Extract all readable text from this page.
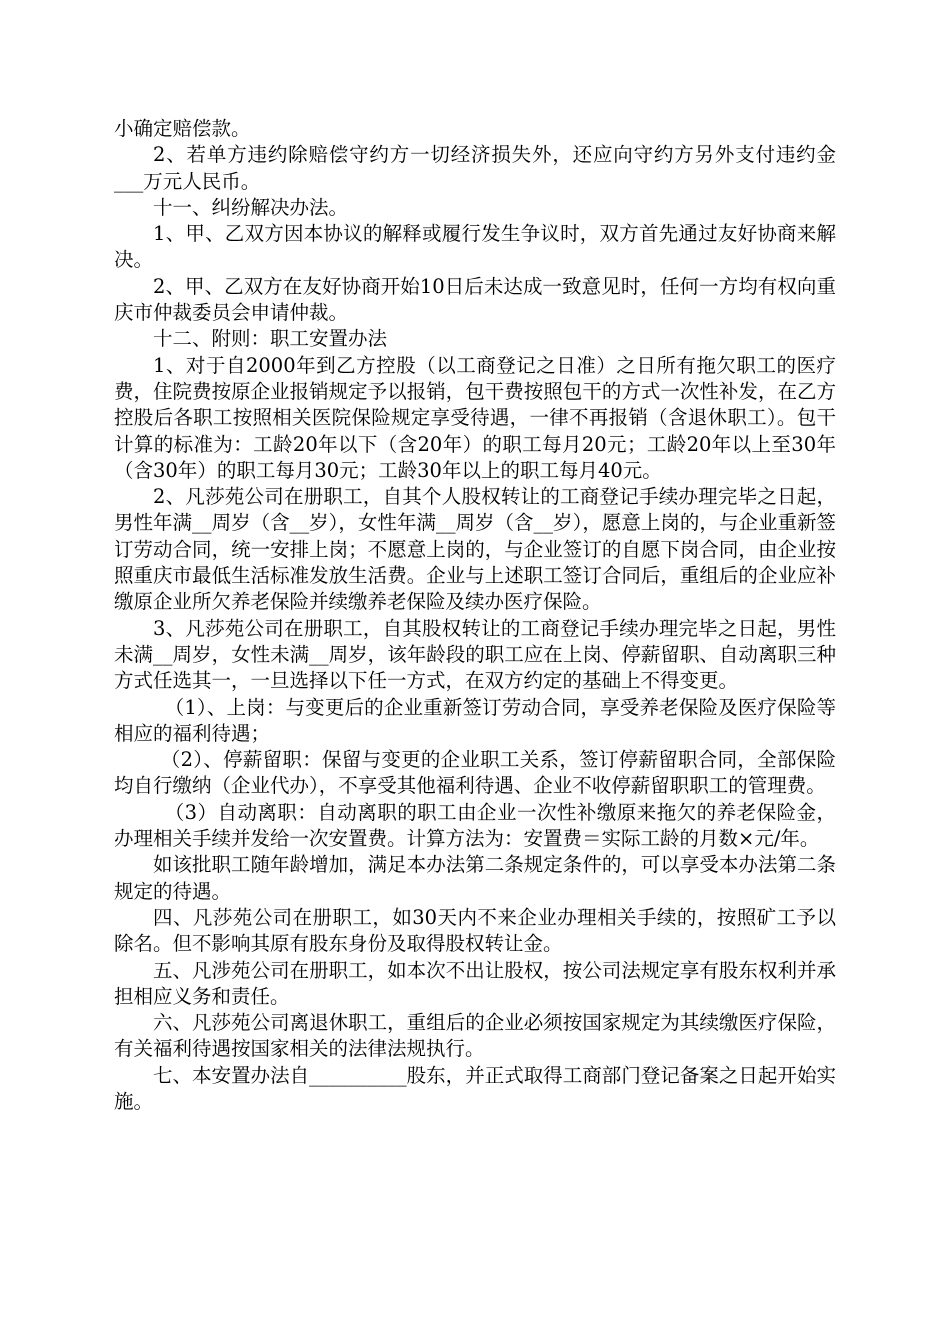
小确定赔偿款。

2、若单方违约除赔偿守约方一切经济损失外，还应向守约方另外支付违约金___万元人民币。

十一、纠纷解决办法。

1、甲、乙双方因本协议的解释或履行发生争议时，双方首先通过友好协商来解决。

2、甲、乙双方在友好协商开始10日后未达成一致意见时，任何一方均有权向重庆市仲裁委员会申请仲裁。

十二、附则：职工安置办法

1、对于自2000年到乙方控股（以工商登记之日准）之日所有拖欠职工的医疗费，住院费按原企业报销规定予以报销，包干费按照包干的方式一次性补发，在乙方控股后各职工按照相关医院保险规定享受待遇，一律不再报销（含退休职工）。包干计算的标准为：工龄20年以下（含20年）的职工每月20元；工龄20年以上至30年（含30年）的职工每月30元；工龄30年以上的职工每月40元。

2、凡莎苑公司在册职工，自其个人股权转让的工商登记手续办理完毕之日起，男性年满__周岁（含__岁），女性年满__周岁（含__岁），愿意上岗的，与企业重新签订劳动合同，统一安排上岗；不愿意上岗的，与企业签订的自愿下岗合同，由企业按照重庆市最低生活标准发放生活费。企业与上述职工签订合同后，重组后的企业应补缴原企业所欠养老保险并续缴养老保险及续办医疗保险。

3、凡莎苑公司在册职工，自其股权转让的工商登记手续办理完毕之日起，男性未满__周岁，女性未满__周岁，该年龄段的职工应在上岗、停薪留职、自动离职三种方式任选其一，一旦选择以下任一方式，在双方约定的基础上不得变更。

（1）、上岗：与变更后的企业重新签订劳动合同，享受养老保险及医疗保险等相应的福利待遇；

（2）、停薪留职：保留与变更的企业职工关系，签订停薪留职合同，全部保险均自行缴纳（企业代办），不享受其他福利待遇、企业不收停薪留职职工的管理费。

（3）自动离职：自动离职的职工由企业一次性补缴原来拖欠的养老保险金，办理相关手续并发给一次安置费。计算方法为：安置费＝实际工龄的月数×元/年。

如该批职工随年龄增加，满足本办法第二条规定条件的，可以享受本办法第二条规定的待遇。

四、凡莎苑公司在册职工，如30天内不来企业办理相关手续的，按照矿工予以除名。但不影响其原有股东身份及取得股权转让金。

五、凡涉苑公司在册职工，如本次不出让股权，按公司法规定享有股东权利并承担相应义务和责任。

六、凡莎苑公司离退休职工，重组后的企业必须按国家规定为其续缴医疗保险，有关福利待遇按国家相关的法律法规执行。

七、本安置办法自__________股东，并正式取得工商部门登记备案之日起开始实施。
